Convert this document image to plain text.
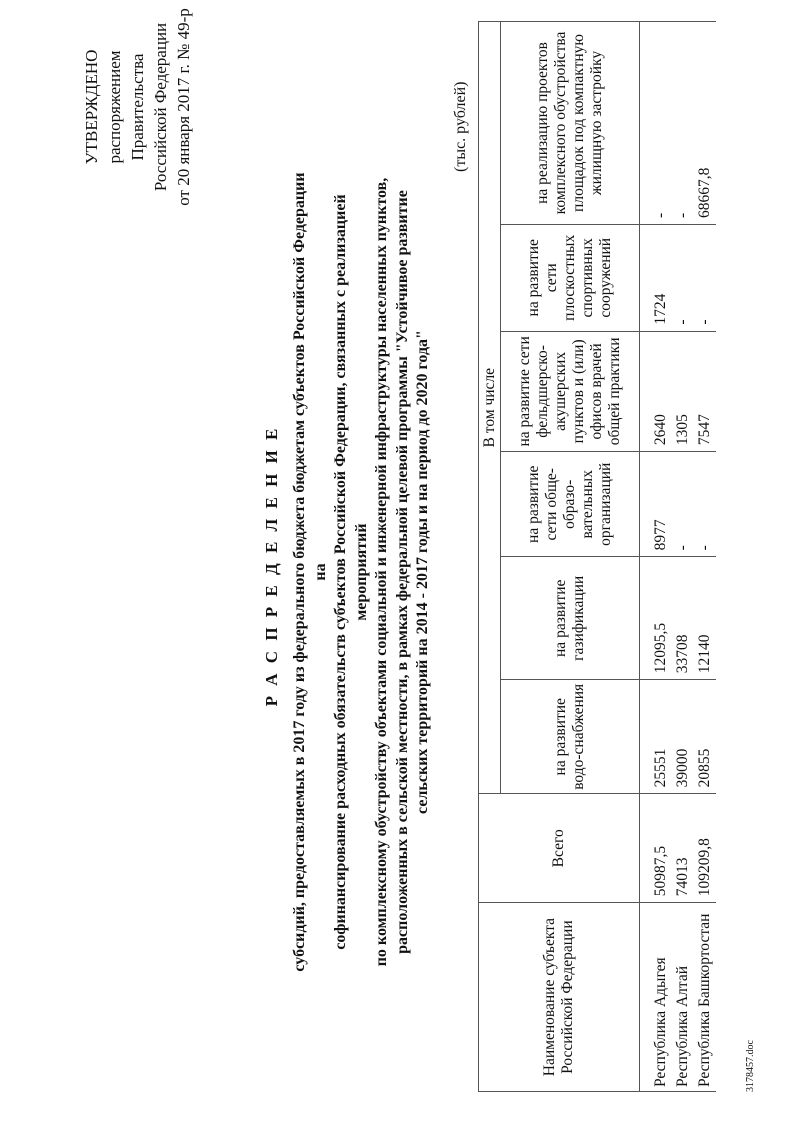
УТВЕРЖДЕНО распоряжением Правительства Российской Федерации от 20 января 2017 г. № 49-р
Р А С П Р Е Д Е Л Е Н И Е субсидий, предоставляемых в 2017 году из федерального бюджета бюджетам субъектов Российской Федерации на софинансирование расходных обязательств субъектов Российской Федерации, связанных с реализацией мероприятий по комплексному обустройству объектами социальной и инженерной инфраструктуры населенных пунктов, расположенных в сельской местности, в рамках федеральной целевой программы "Устойчивое развитие сельских территорий на 2014 - 2017 годы и на период до 2020 года"
(тыс. рублей)
Наименование субъекта Российской Федерации	Всего	В том числе					
		на развитие водо-снабжения	на развитие газификации	на развитие сети обще-образо-вательных организаций	на развитие сети фельдшерско-акушерских пунктов и (или) офисов врачей общей практики	на развитие сети плоскостных спортивных сооружений	на реализацию проектов комплексного обустройства площадок под компактную жилищную застройку

Республика Адыгея	50987,5	25551	12095,5	8977	2640	1724	-
Республика Алтай	74013	39000	33708	-	1305	-	-
Республика Башкортостан	109209,8	20855	12140	-	7547	-	68667,8
3178457.doc
